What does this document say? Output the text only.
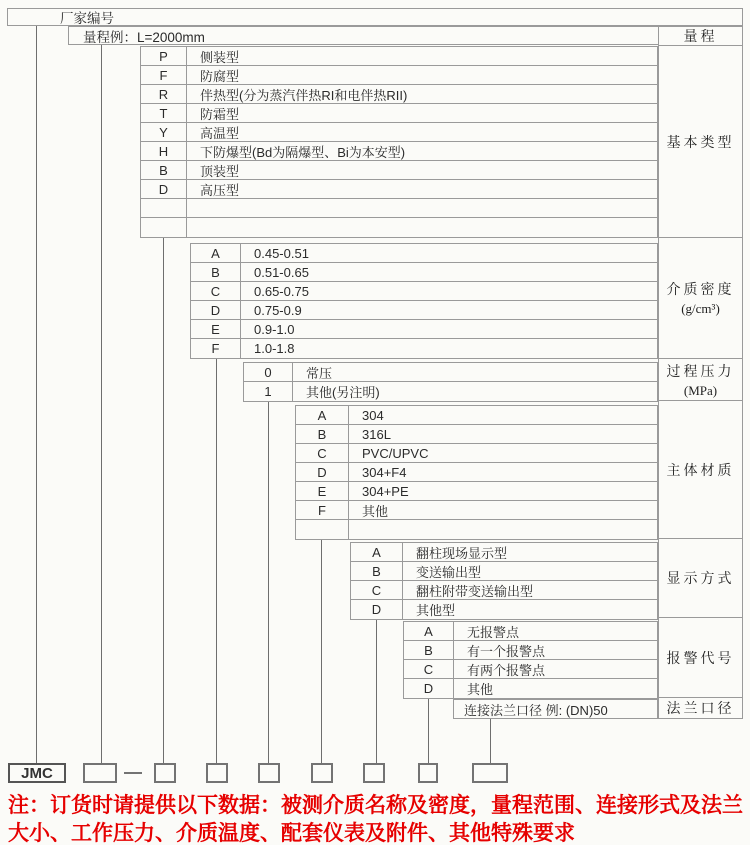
厂家编号
量程例：L=2000mm	量程
基本类型
介质密度
(g/cm³)
过程压力
(MPa)
主体材质
显示方式
报警代号
法兰口径
P	侧装型
F	防腐型
R	伴热型(分为蒸汽伴热RI和电伴热RII)
T	防霜型
Y	高温型
H	下防爆型(Bd为隔爆型、Bi为本安型)
B	顶装型
D	高压型
A	0.45-0.51
B	0.51-0.65
C	0.65-0.75
D	0.75-0.9
E	0.9-1.0
F	1.0-1.8
0	常压
1	其他(另注明)
A	304
B	316L
C	PVC/UPVC
D	304+F4
E	304+PE
F	其他
A	翻柱现场显示型
B	变送输出型
C	翻柱附带变送输出型
D	其他型
A	无报警点
B	有一个报警点
C	有两个报警点
D	其他
连接法兰口径 例: (DN)50
JMC
注：订货时请提供以下数据：被测介质名称及密度，量程范围、连接形式及法兰
大小、工作压力、介质温度、配套仪表及附件、其他特殊要求
